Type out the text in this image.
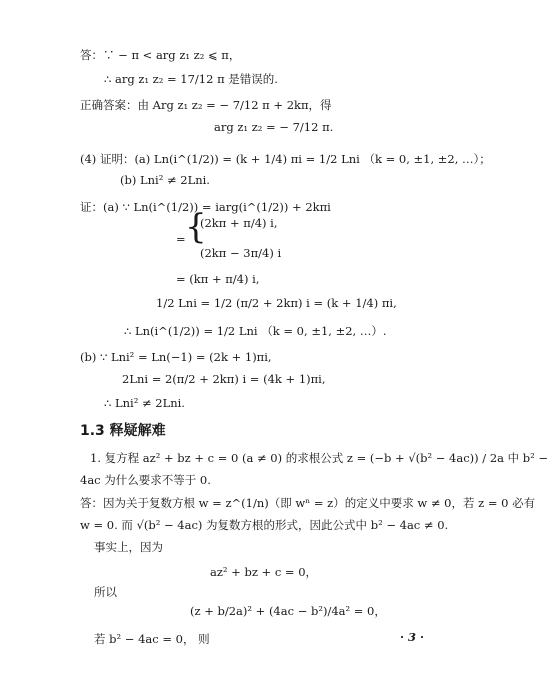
答：∵ − π < arg z₁ z₂ ⩽ π，
∴ arg z₁ z₂ = 17/12 π 是错误的.
正确答案：由 Arg z₁ z₂ = − 7/12 π + 2kπ，得
arg z₁ z₂ = − 7/12 π.
(4) 证明：(a) Ln(i^(1/2)) = (k + 1/4) πi = 1/2 Lni （k = 0, ±1, ±2, …）；
(b) Lni² ≠ 2Lni.
证：(a) ∵ Ln(i^(1/2)) = iarg(i^(1/2)) + 2kπi
= {
(2kπ + π/4) i,
(2kπ − 3π/4) i
= (kπ + π/4) i,
1/2 Lni = 1/2 (π/2 + 2kπ) i = (k + 1/4) πi,
∴ Ln(i^(1/2)) = 1/2 Lni （k = 0, ±1, ±2, …）.
(b) ∵ Lni² = Ln(−1) = (2k + 1)πi,
2Lni = 2(π/2 + 2kπ) i = (4k + 1)πi,
∴ Lni² ≠ 2Lni.
1.3 释疑解难
1. 复方程 az² + bz + c = 0 (a ≠ 0) 的求根公式 z = (−b + √(b² − 4ac)) / 2a 中 b² −
4ac 为什么要求不等于 0.
答：因为关于复数方根 w = z^(1/n)（即 wⁿ = z）的定义中要求 w ≠ 0，若 z = 0 必有
w = 0. 而 √(b² − 4ac) 为复数方根的形式，因此公式中 b² − 4ac ≠ 0.
事实上，因为
az² + bz + c = 0，
所以
(z + b/2a)² + (4ac − b²)/4a² = 0，
若 b² − 4ac = 0， 则	· 3 ·
